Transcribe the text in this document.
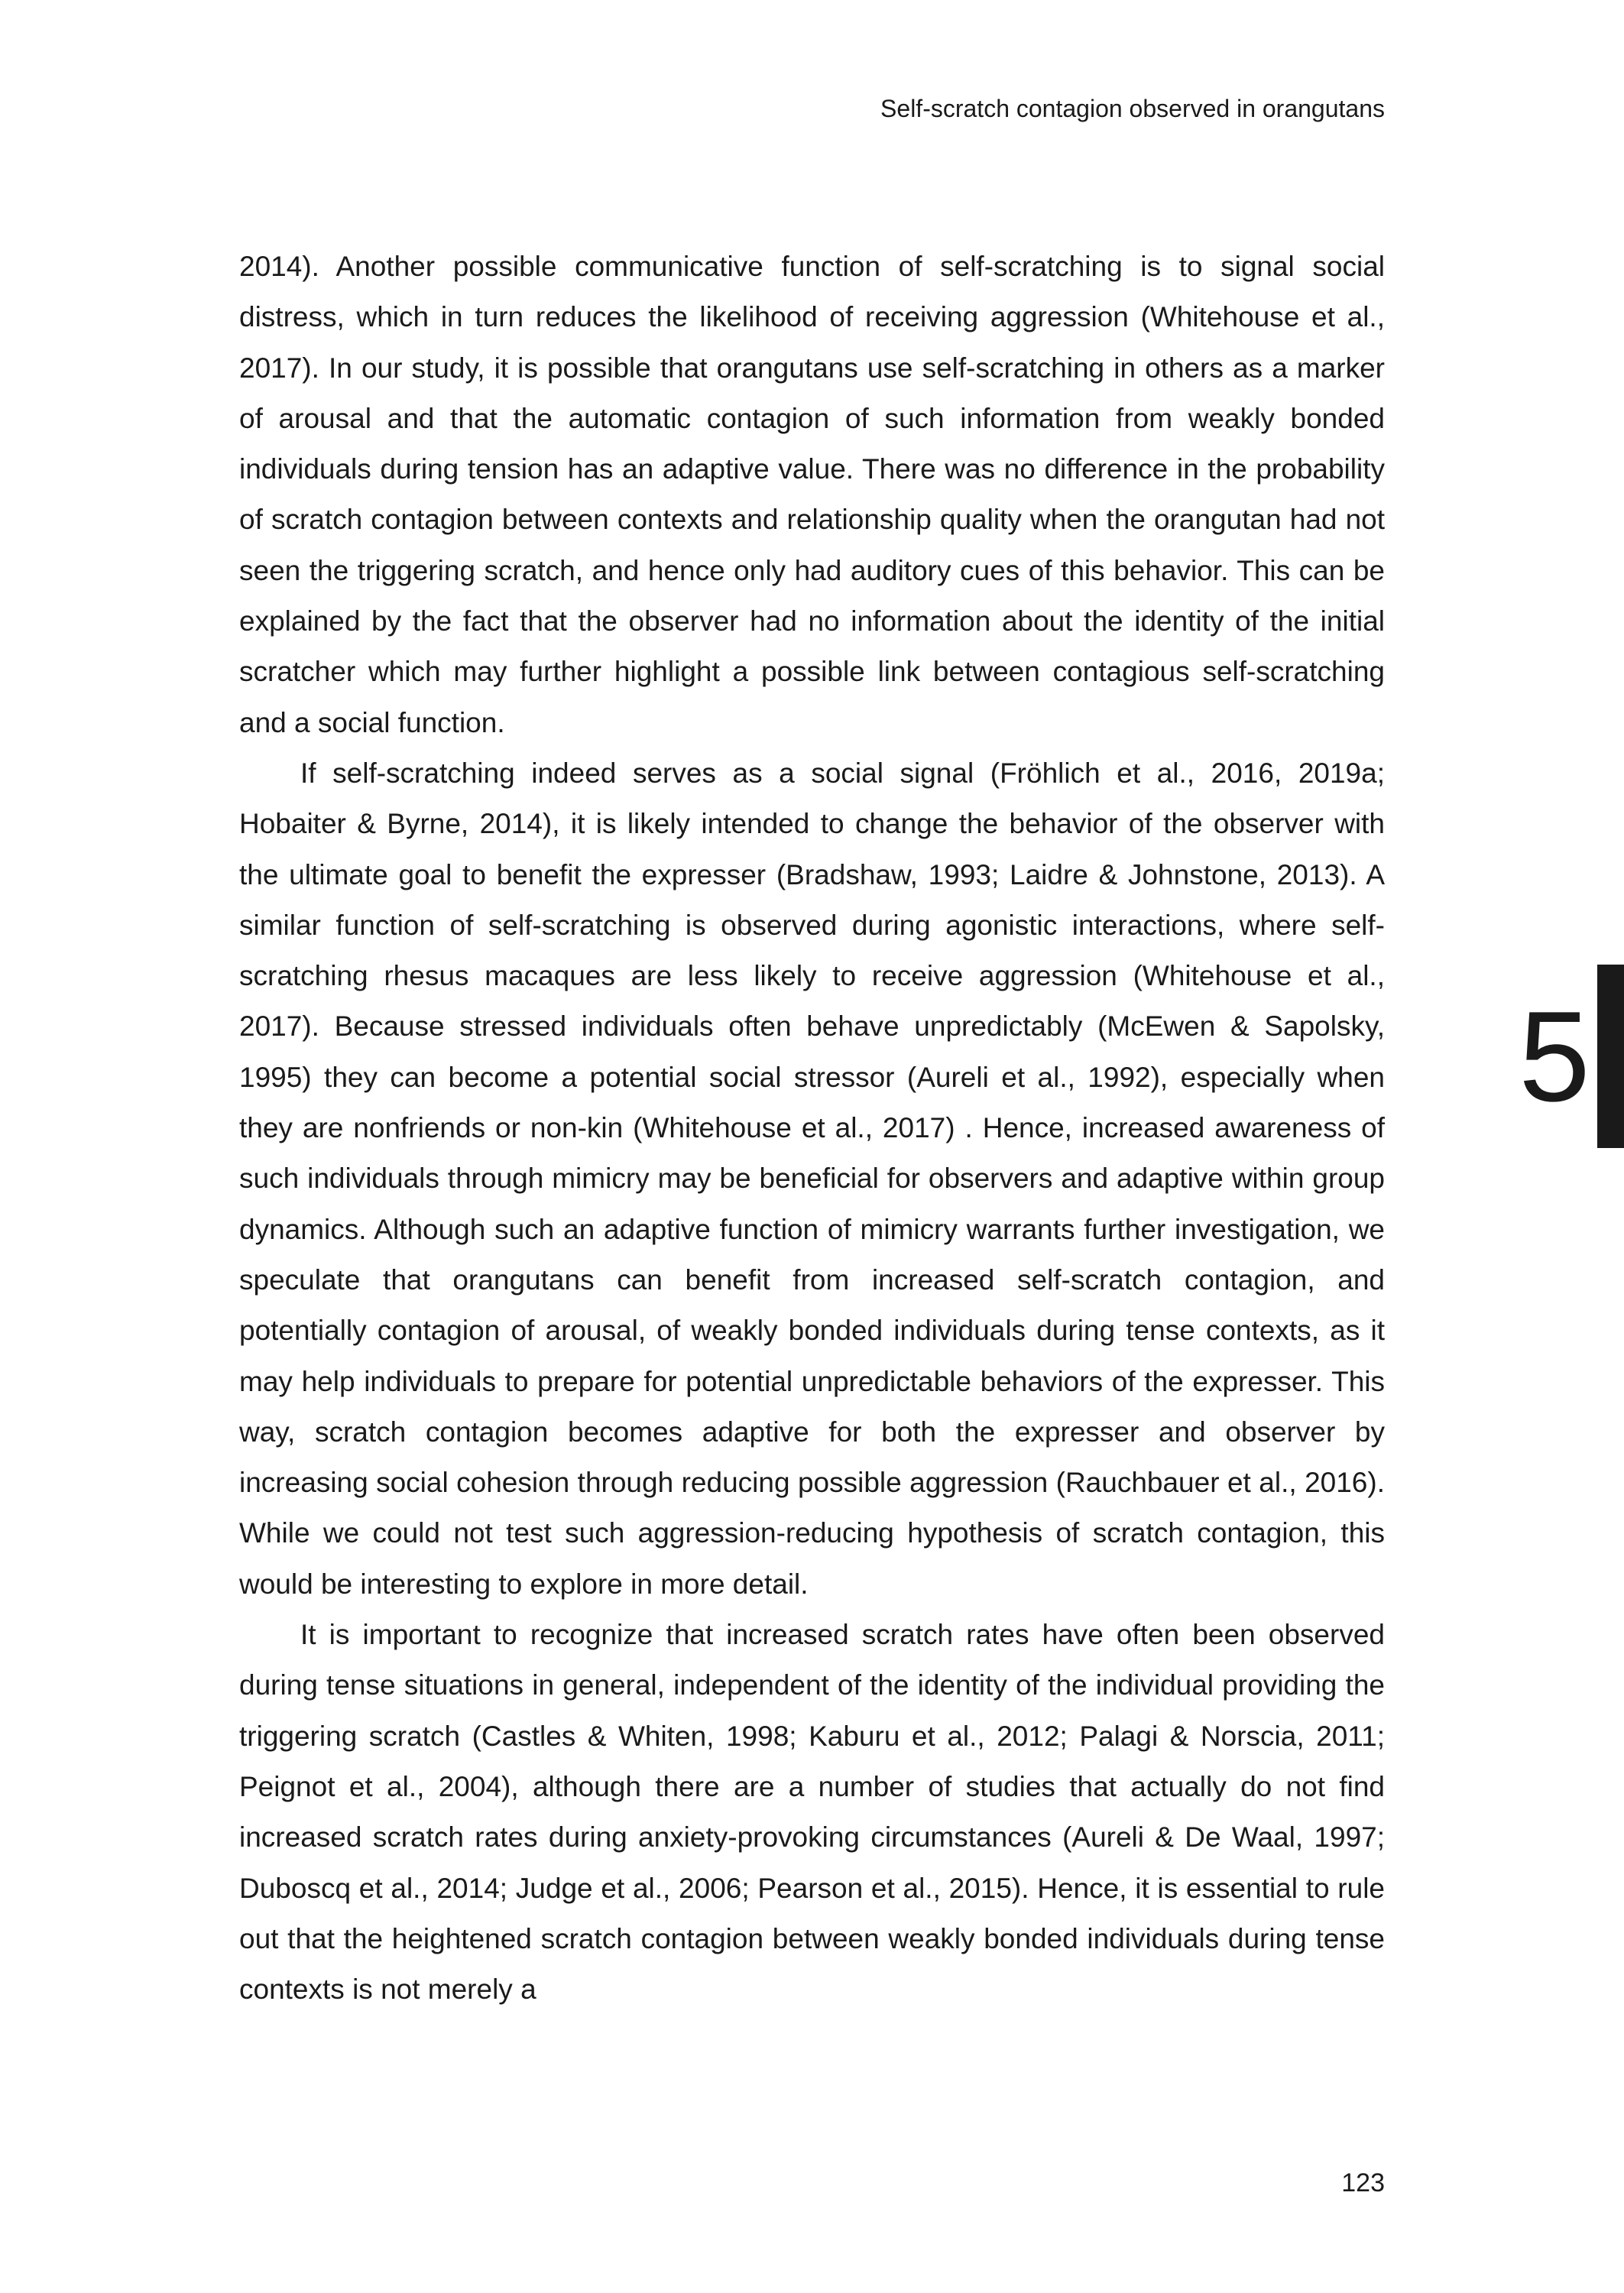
Self-scratch contagion observed in orangutans

2014). Another possible communicative function of self-scratching is to signal social distress, which in turn reduces the likelihood of receiving aggression (Whitehouse et al., 2017). In our study, it is possible that orangutans use self-scratching in others as a marker of arousal and that the automatic contagion of such information from weakly bonded individuals during tension has an adaptive value. There was no difference in the probability of scratch contagion between contexts and relationship quality when the orangutan had not seen the triggering scratch, and hence only had auditory cues of this behavior. This can be explained by the fact that the observer had no information about the identity of the initial scratcher which may further highlight a possible link between contagious self-scratching and a social function.

If self-scratching indeed serves as a social signal (Fröhlich et al., 2016, 2019a; Hobaiter & Byrne, 2014), it is likely intended to change the behavior of the observer with the ultimate goal to benefit the expresser (Bradshaw, 1993; Laidre & Johnstone, 2013). A similar function of self-scratching is observed during agonistic interactions, where self-scratching rhesus macaques are less likely to receive aggression (Whitehouse et al., 2017). Because stressed individuals often behave unpredictably (McEwen & Sapolsky, 1995) they can become a potential social stressor (Aureli et al., 1992), especially when they are nonfriends or non-kin (Whitehouse et al., 2017) . Hence, increased awareness of such individuals through mimicry may be beneficial for observers and adaptive within group dynamics. Although such an adaptive function of mimicry warrants further investigation, we speculate that orangutans can benefit from increased self-scratch contagion, and potentially contagion of arousal, of weakly bonded individuals during tense contexts, as it may help individuals to prepare for potential unpredictable behaviors of the expresser. This way, scratch contagion becomes adaptive for both the expresser and observer by increasing social cohesion through reducing possible aggression (Rauchbauer et al., 2016). While we could not test such aggression-reducing hypothesis of scratch contagion, this would be interesting to explore in more detail.

It is important to recognize that increased scratch rates have often been observed during tense situations in general, independent of the identity of the individual providing the triggering scratch (Castles & Whiten, 1998; Kaburu et al., 2012; Palagi & Norscia, 2011; Peignot et al., 2004), although there are a number of studies that actually do not find increased scratch rates during anxiety-provoking circumstances (Aureli & De Waal, 1997; Duboscq et al., 2014; Judge et al., 2006; Pearson et al., 2015). Hence, it is essential to rule out that the heightened scratch contagion between weakly bonded individuals during tense contexts is not merely a

5
123
